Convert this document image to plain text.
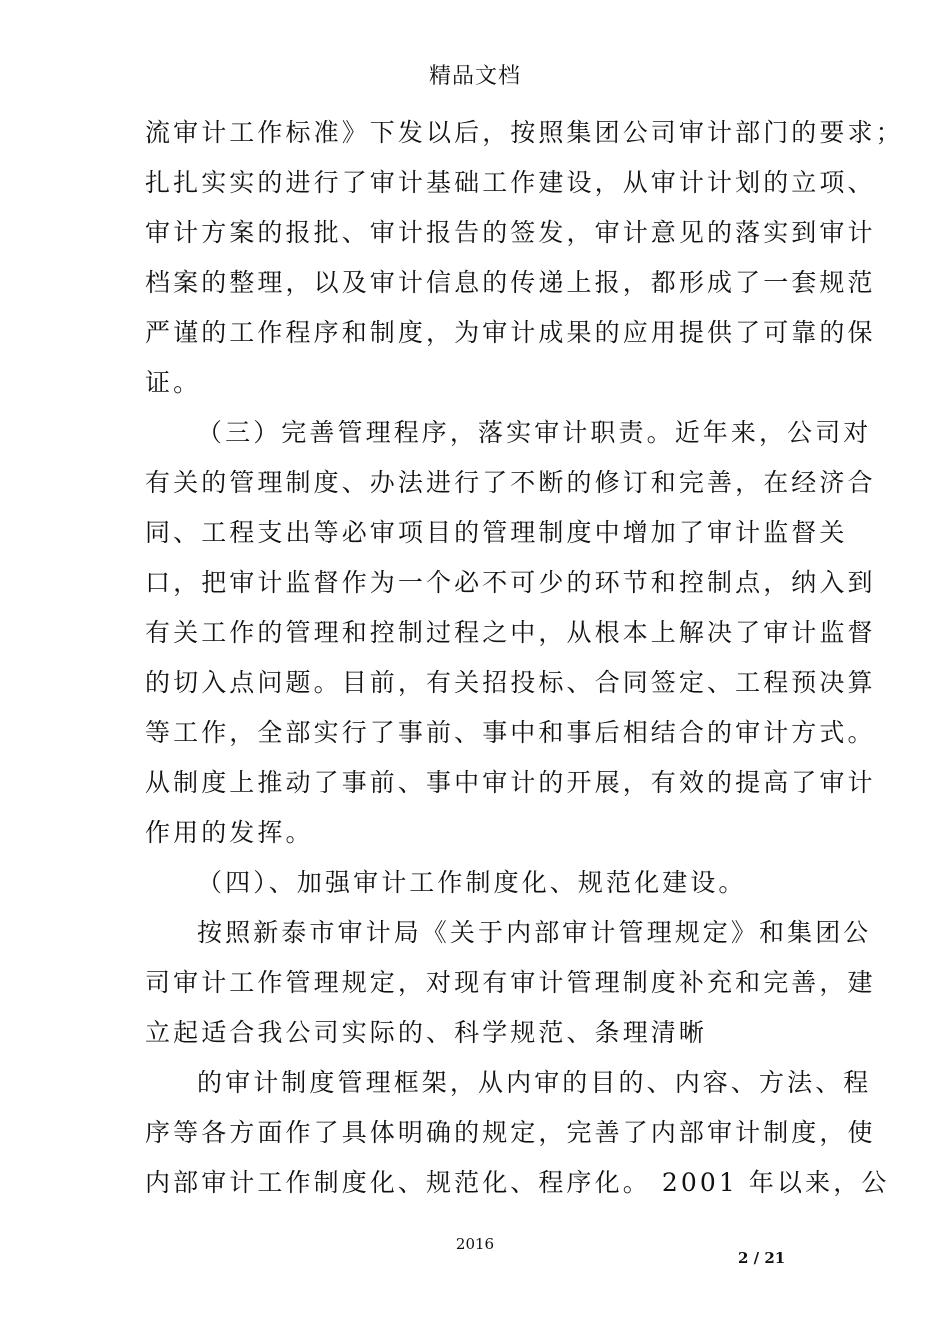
精品文档
流审计工作标准》下发以后，按照集团公司审计部门的要求；
扎扎实实的进行了审计基础工作建设，从审计计划的立项、
审计方案的报批、审计报告的签发，审计意见的落实到审计
档案的整理，以及审计信息的传递上报，都形成了一套规范
严谨的工作程序和制度，为审计成果的应用提供了可靠的保
证。
（三）完善管理程序，落实审计职责。近年来，公司对
有关的管理制度、办法进行了不断的修订和完善，在经济合
同、工程支出等必审项目的管理制度中增加了审计监督关
口，把审计监督作为一个必不可少的环节和控制点，纳入到
有关工作的管理和控制过程之中，从根本上解决了审计监督
的切入点问题。目前，有关招投标、合同签定、工程预决算
等工作，全部实行了事前、事中和事后相结合的审计方式。
从制度上推动了事前、事中审计的开展，有效的提高了审计
作用的发挥。
（四）、加强审计工作制度化、规范化建设。
按照新泰市审计局《关于内部审计管理规定》和集团公
司审计工作管理规定，对现有审计管理制度补充和完善，建
立起适合我公司实际的、科学规范、条理清晰
的审计制度管理框架，从内审的目的、内容、方法、程
序等各方面作了具体明确的规定，完善了内部审计制度，使
内部审计工作制度化、规范化、程序化。 2001 年以来，公
2016
2 / 21
